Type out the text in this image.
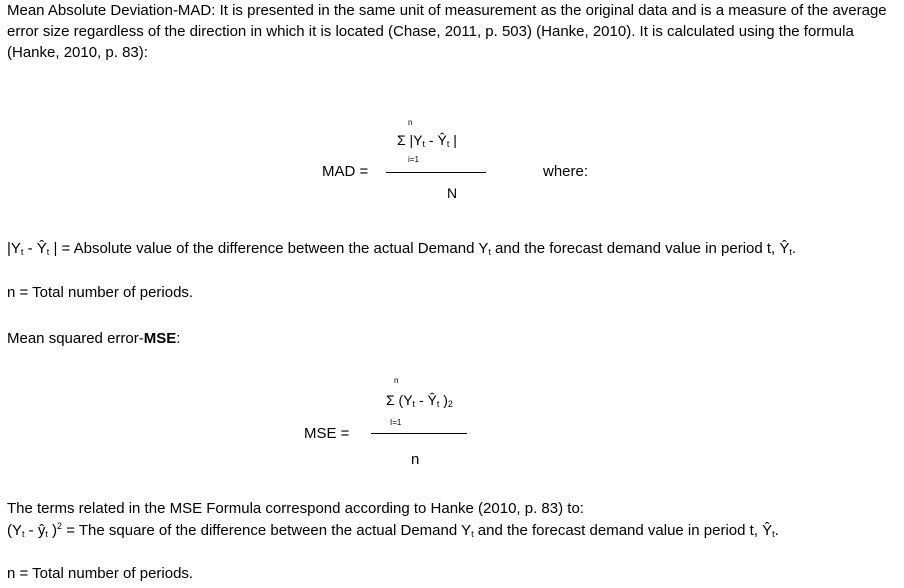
Mean Absolute Deviation-MAD: It is presented in the same unit of measurement as the original data and is a measure of the average error size regardless of the direction in which it is located (Chase, 2011, p. 503) (Hanke, 2010). It is calculated using the formula (Hanke, 2010, p. 83):
n
Σ $|Y_t$ - $Ŷ_t$ |
i=1
MAD =
N
where:
$|Y_t$ - $Ŷ_t$ | = Absolute value of the difference between the actual Demand $Y_t$ and the forecast demand value in period t, $Ŷ_t$.
n = Total number of periods.
Mean squared error-MSE:
n
Σ ($Y_t$ - $Ŷ_t$ )$_2$
I=1
MSE =
n
The terms related in the MSE Formula correspond according to Hanke (2010, p. 83) to:
($Y_t$ - $ŷ_t$ )$^2$ = The square of the difference between the actual Demand $Y_t$ and the forecast demand value in period t, $Ŷ_t$.
n = Total number of periods.
